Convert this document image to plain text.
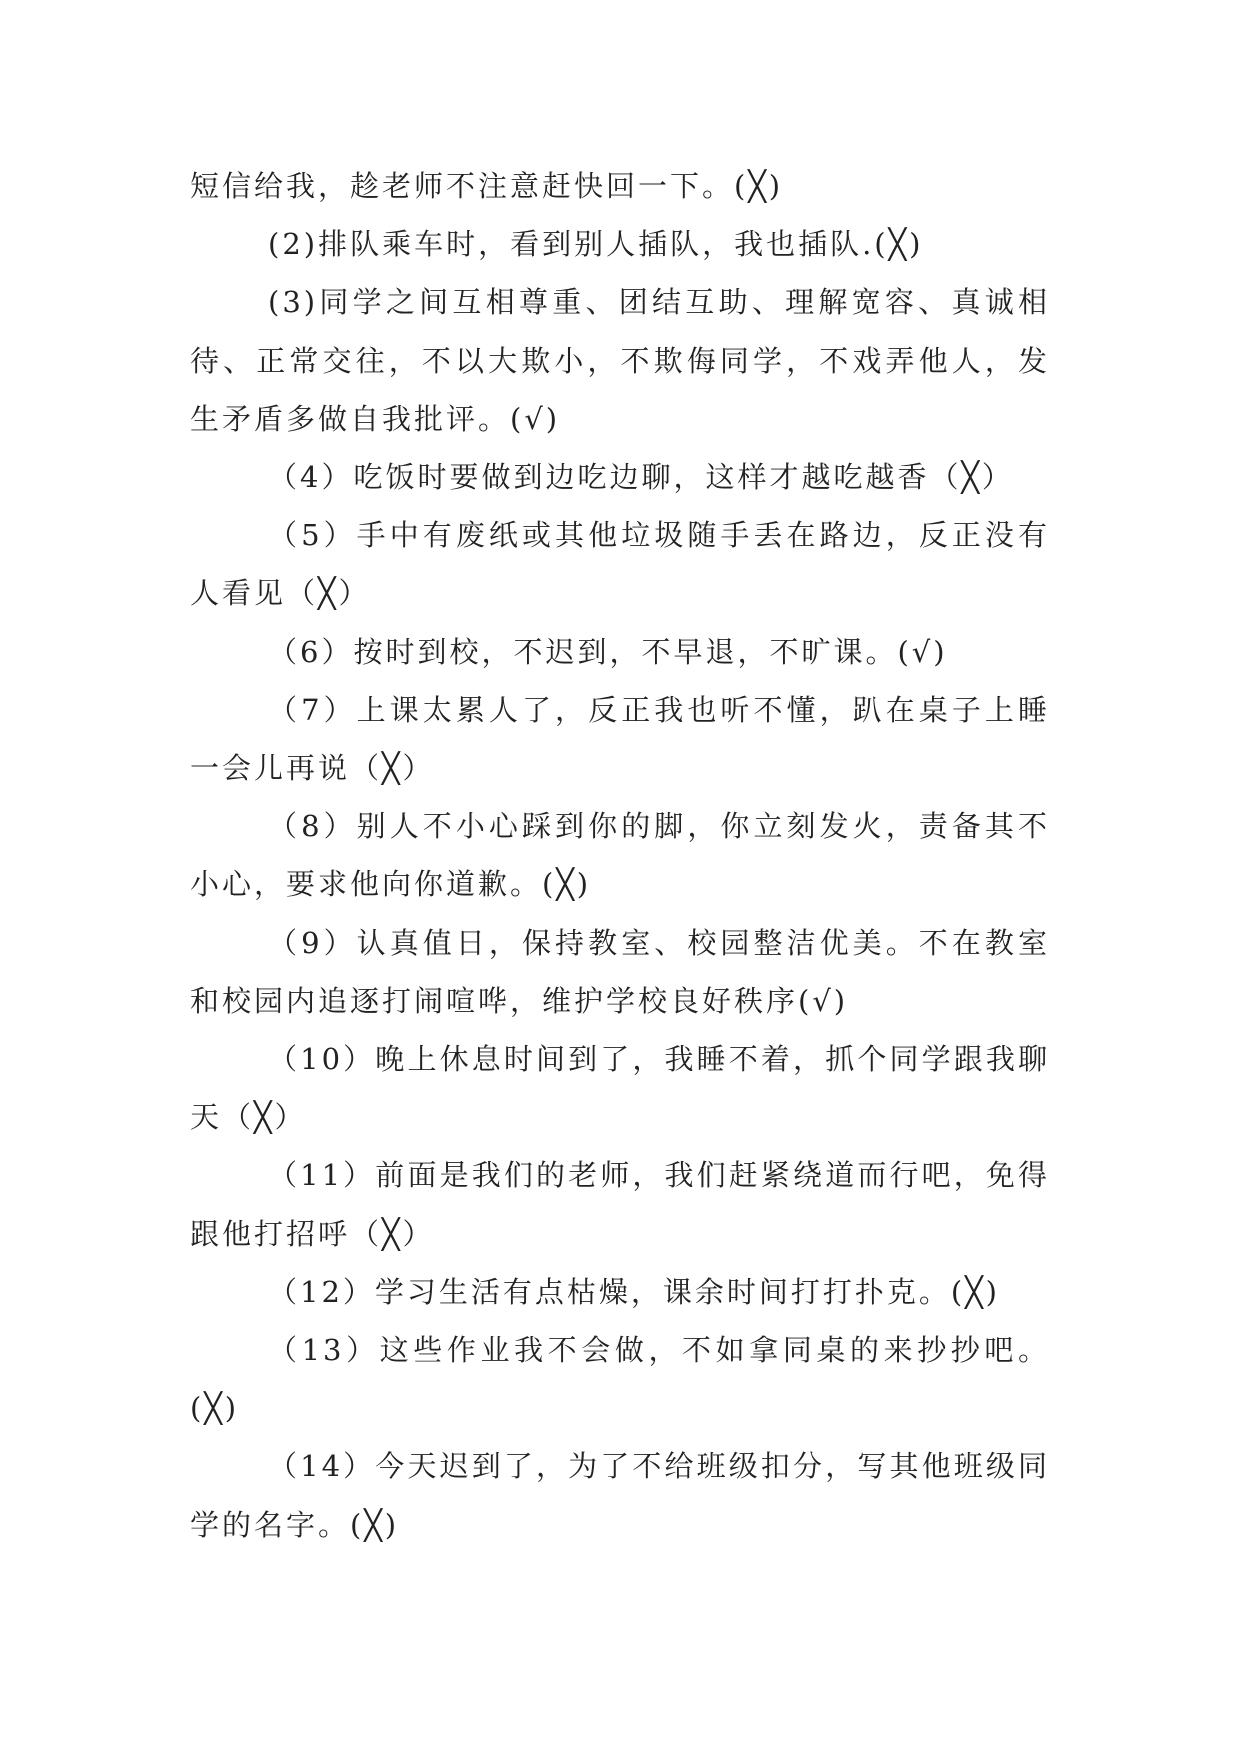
短信给我，趁老师不注意赶快回一下。(╳)

(2)排队乘车时，看到别人插队，我也插队.(╳)

(3)同学之间互相尊重、团结互助、理解宽容、真诚相待、正常交往，不以大欺小，不欺侮同学，不戏弄他人，发生矛盾多做自我批评。(√)

（4）吃饭时要做到边吃边聊，这样才越吃越香（╳）

（5）手中有废纸或其他垃圾随手丢在路边，反正没有人看见（╳）

（6）按时到校，不迟到，不早退，不旷课。(√)

（7）上课太累人了，反正我也听不懂，趴在桌子上睡一会儿再说（╳）

（8）别人不小心踩到你的脚，你立刻发火，责备其不小心，要求他向你道歉。(╳)

（9）认真值日，保持教室、校园整洁优美。不在教室和校园内追逐打闹喧哗，维护学校良好秩序(√)

（10）晚上休息时间到了，我睡不着，抓个同学跟我聊天（╳）

（11）前面是我们的老师，我们赶紧绕道而行吧，免得跟他打招呼（╳）

（12）学习生活有点枯燥，课余时间打打扑克。(╳)

（13）这些作业我不会做，不如拿同桌的来抄抄吧。(╳)

（14）今天迟到了，为了不给班级扣分，写其他班级同学的名字。(╳)
